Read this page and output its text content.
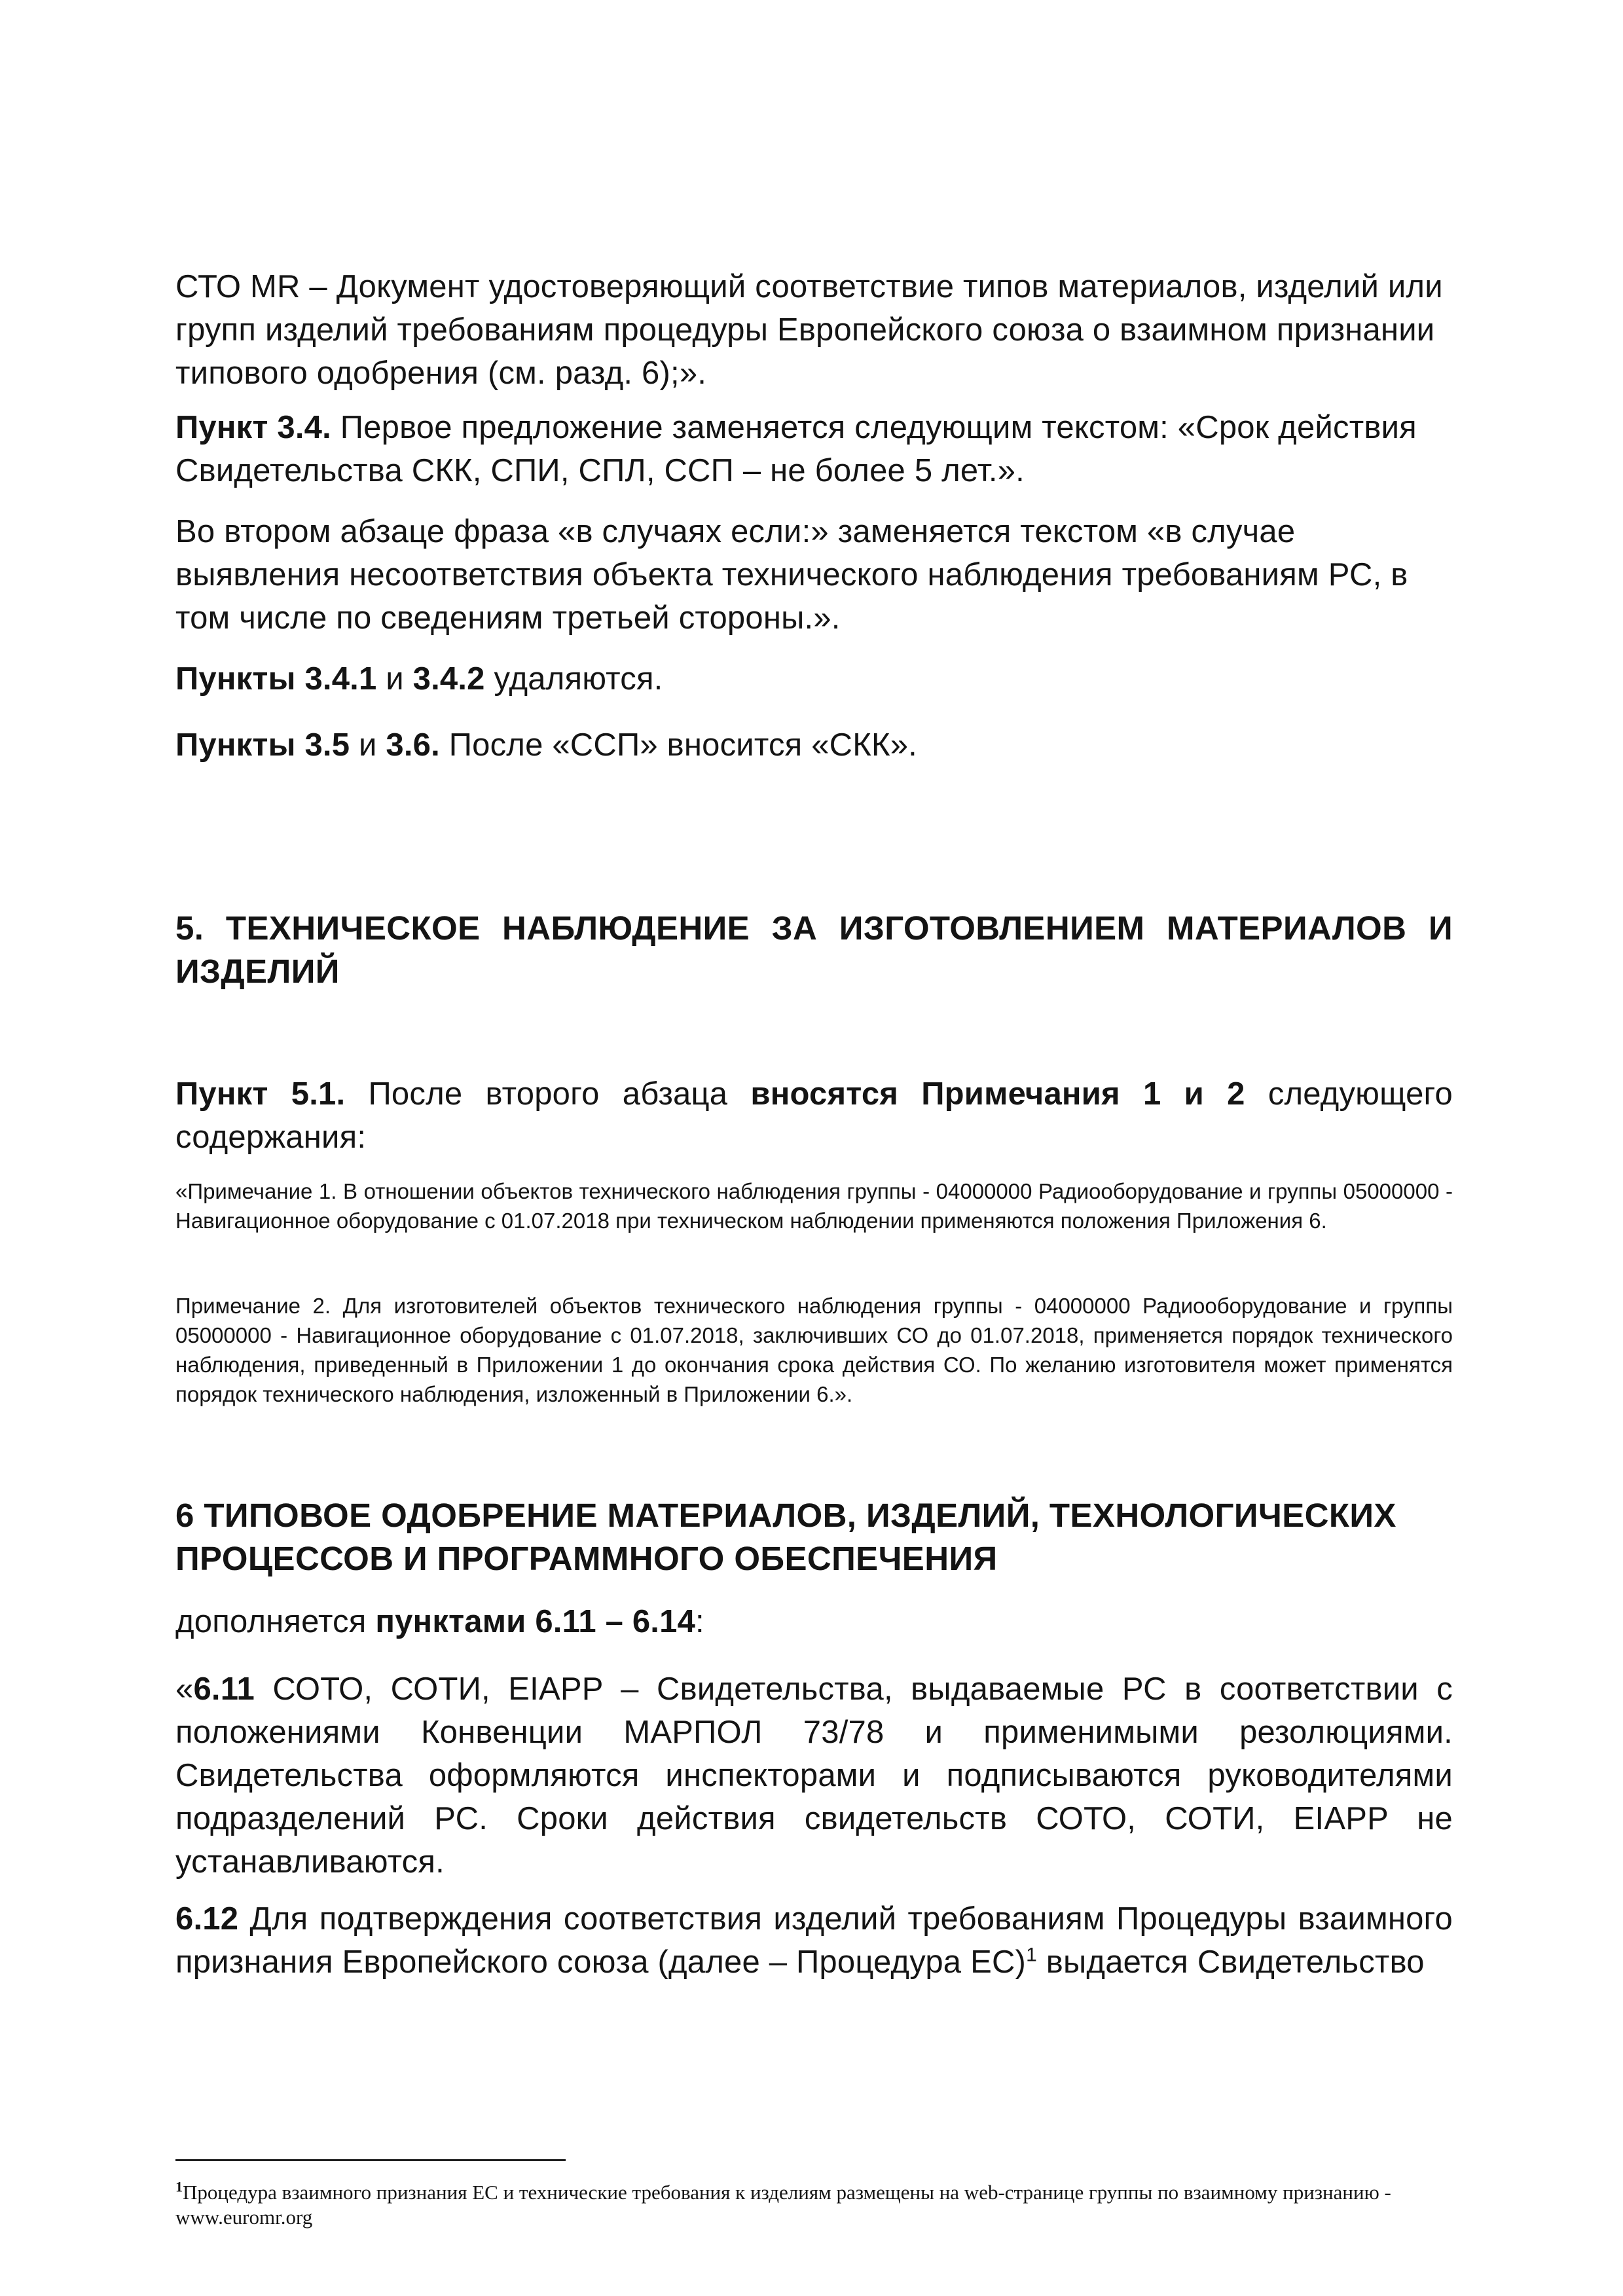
СТО MR – Документ удостоверяющий соответствие типов материалов, изделий или групп изделий требованиям процедуры Европейского союза о взаимном признании типового одобрения (см. разд. 6);».

Пункт 3.4. Первое предложение заменяется следующим текстом: «Срок действия Свидетельства СКК, СПИ, СПЛ, ССП – не более 5 лет.».

Во втором абзаце фраза «в случаях если:» заменяется текстом «в случае выявления несоответствия объекта технического наблюдения требованиям РС, в том числе по сведениям третьей стороны.».

Пункты 3.4.1 и 3.4.2 удаляются.

Пункты 3.5 и 3.6. После «ССП» вносится «СКК».

5. ТЕХНИЧЕСКОЕ НАБЛЮДЕНИЕ ЗА ИЗГОТОВЛЕНИЕМ МАТЕРИАЛОВ И ИЗДЕЛИЙ

Пункт 5.1. После второго абзаца вносятся Примечания 1 и 2 следующего содержания:

«Примечание 1. В отношении объектов технического наблюдения группы - 04000000 Радиооборудование и группы 05000000 - Навигационное оборудование с 01.07.2018 при техническом наблюдении применяются положения Приложения 6.

Примечание 2. Для изготовителей объектов технического наблюдения группы - 04000000 Радиооборудование и группы 05000000 - Навигационное оборудование с 01.07.2018, заключивших СО до 01.07.2018, применяется порядок технического наблюдения, приведенный в Приложении 1 до окончания срока действия СО. По желанию изготовителя может применятся порядок технического наблюдения, изложенный в Приложении 6.».

6 ТИПОВОЕ ОДОБРЕНИЕ МАТЕРИАЛОВ, ИЗДЕЛИЙ, ТЕХНОЛОГИЧЕСКИХ ПРОЦЕССОВ И ПРОГРАММНОГО ОБЕСПЕЧЕНИЯ

дополняется пунктами 6.11 – 6.14:

«6.11 СОТО, СОТИ, EIAPP – Свидетельства, выдаваемые РС в соответствии с положениями Конвенции МАРПОЛ 73/78 и применимыми резолюциями. Свидетельства оформляются инспекторами и подписываются руководителями подразделений РС. Сроки действия свидетельств СОТО, СОТИ, EIAPP не устанавливаются.

6.12 Для подтверждения соответствия изделий требованиям Процедуры взаимного признания Европейского союза (далее – Процедура ЕС)$^1$ выдается Свидетельство

$^1$Процедура взаимного признания ЕС и технические требования к изделиям размещены на web-странице группы по взаимному признанию - www.euromr.org
